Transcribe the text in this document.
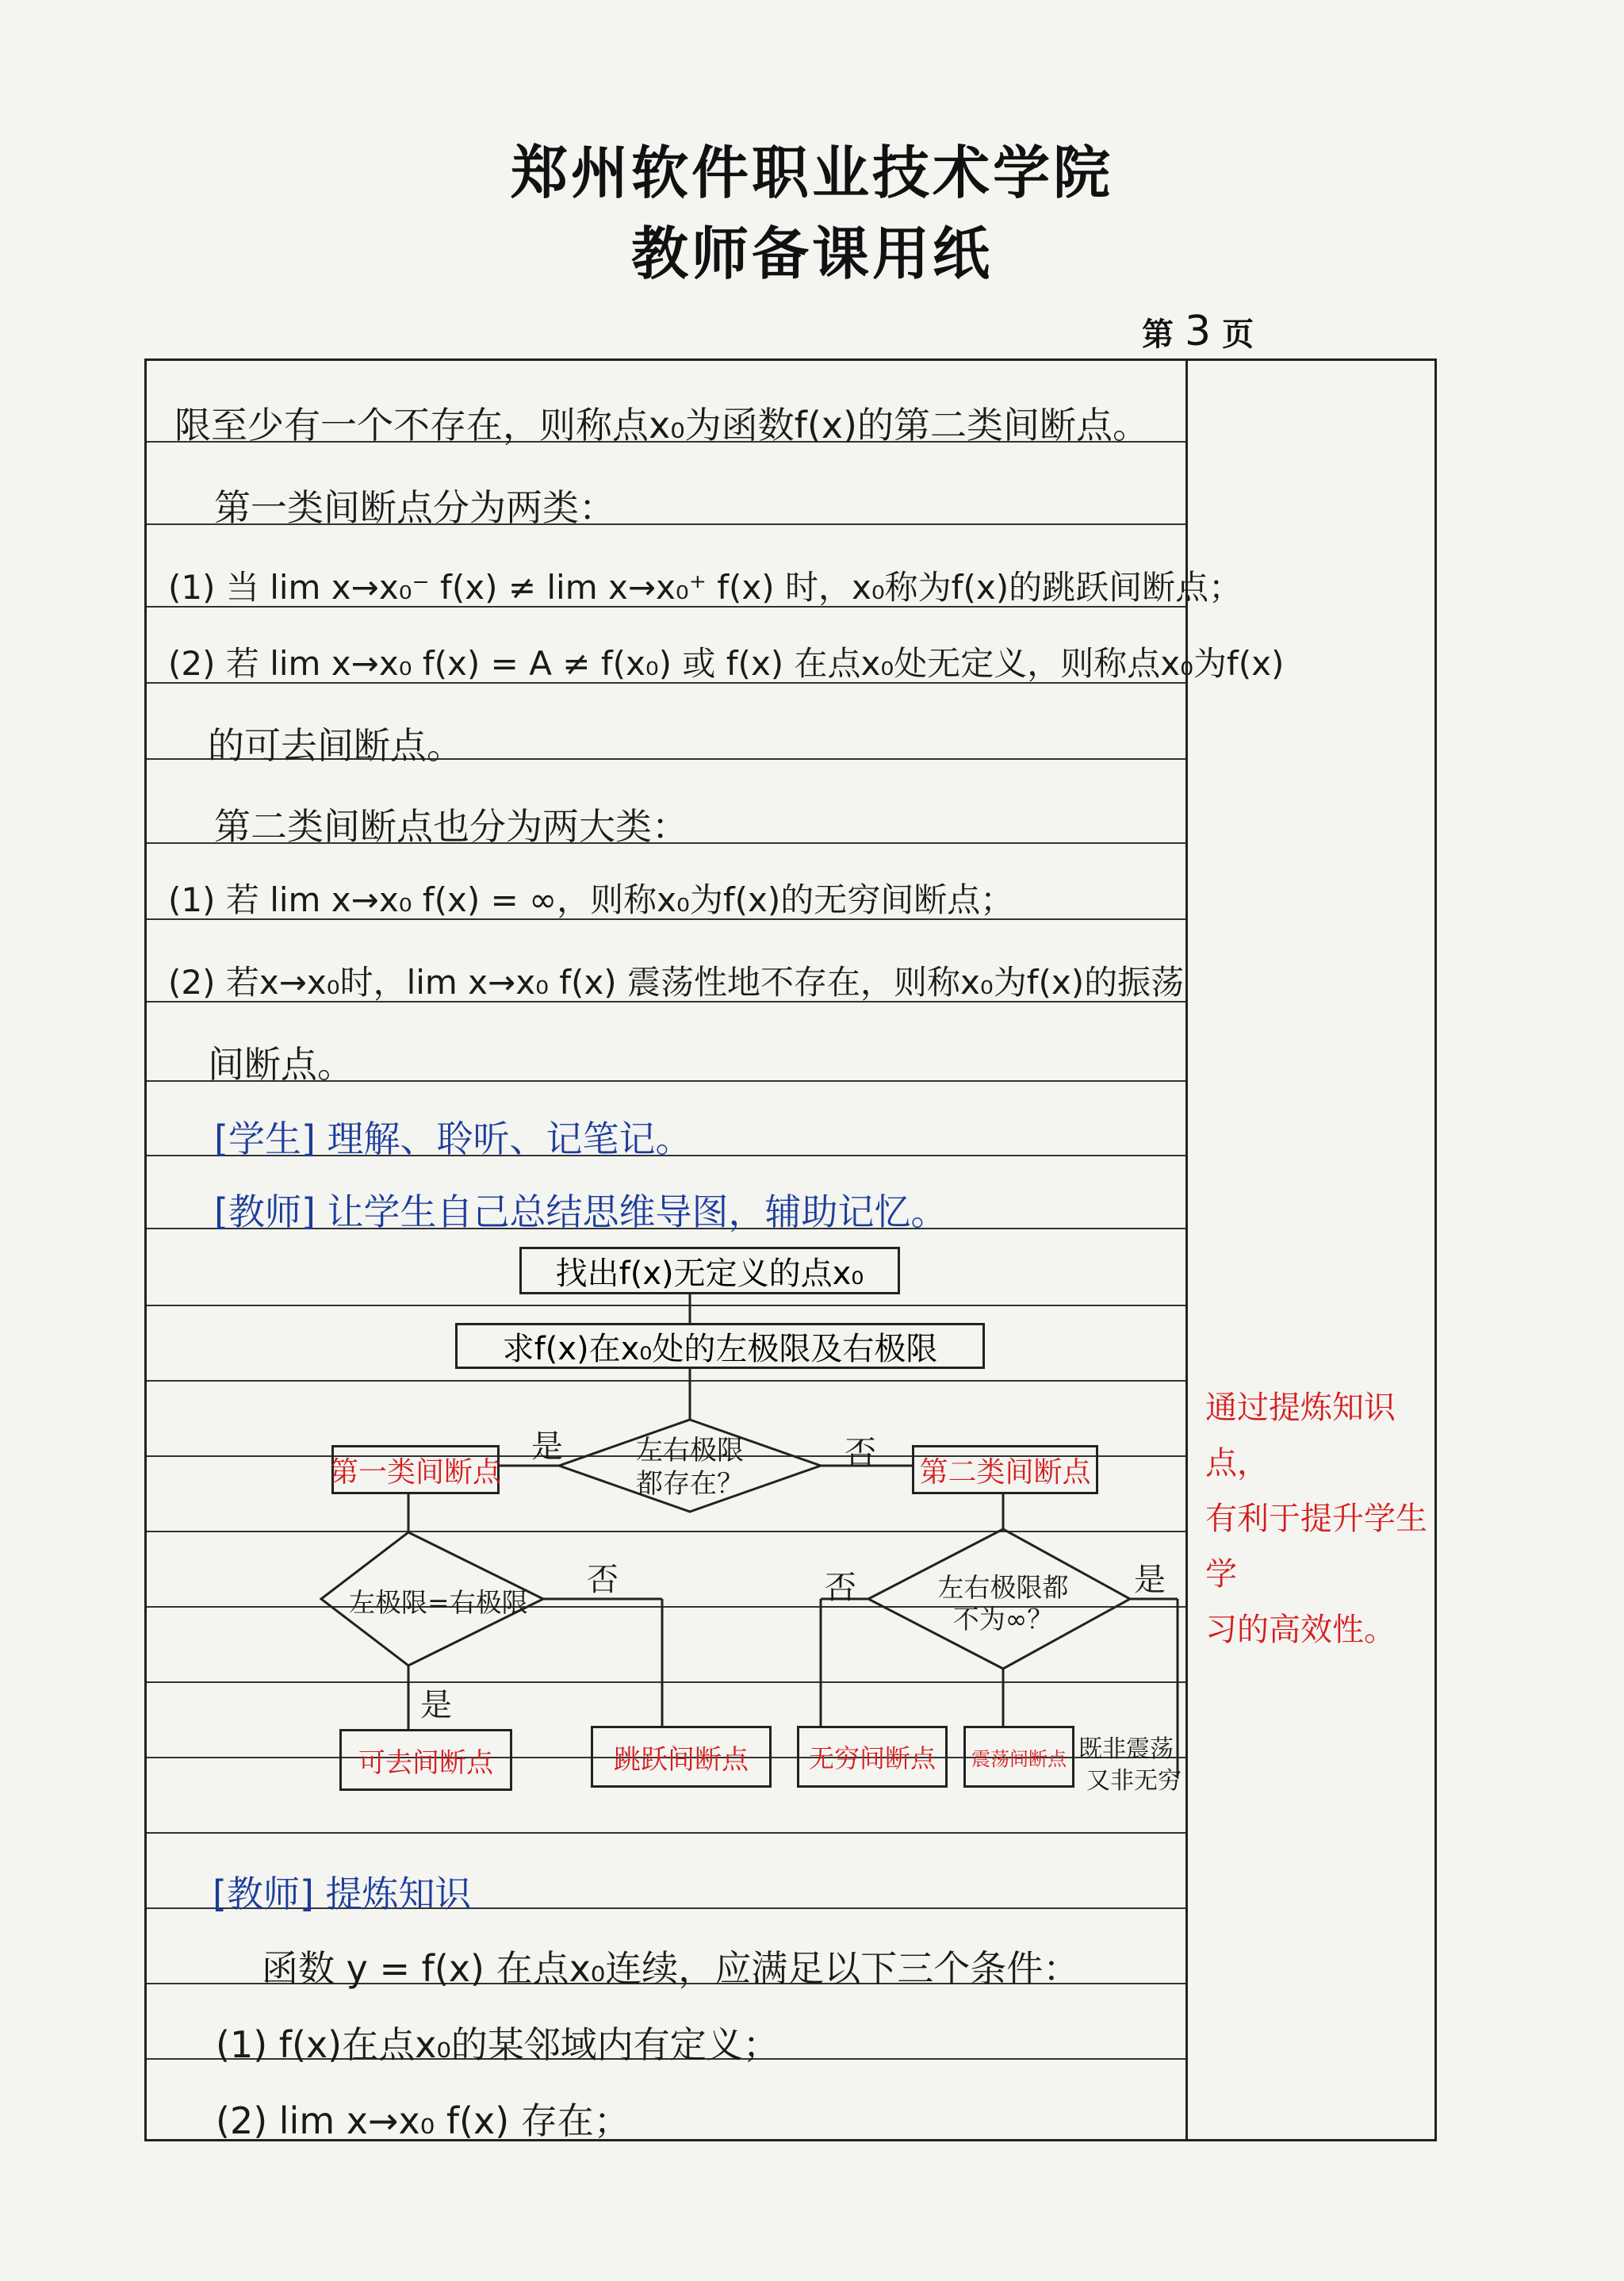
郑州软件职业技术学院
教师备课用纸
第 3 页
限至少有一个不存在，则称点x₀为函数f(x)的第二类间断点。
第一类间断点分为两类：
(1) 当 lim x→x₀⁻ f(x) ≠ lim x→x₀⁺ f(x) 时，x₀称为f(x)的跳跃间断点；
(2) 若 lim x→x₀ f(x) = A ≠ f(x₀) 或 f(x) 在点x₀处无定义，则称点x₀为f(x)
的可去间断点。
第二类间断点也分为两大类：
(1) 若 lim x→x₀ f(x) = ∞，则称x₀为f(x)的无穷间断点；
(2) 若x→x₀时，lim x→x₀ f(x) 震荡性地不存在，则称x₀为f(x)的振荡
间断点。
[学生] 理解、聆听、记笔记。
[教师] 让学生自己总结思维导图，辅助记忆。
找出f(x)无定义的点x₀
求f(x)在x₀处的左极限及右极限
左右极限
都存在？
第一类间断点	第二类间断点
是	否
左极限=右极限
否
是
左右极限都
不为∞？
否	是
可去间断点	跳跃间断点	无穷间断点	震荡间断点 既非震荡
又非无穷
[教师] 提炼知识
函数 y = f(x) 在点x₀连续，应满足以下三个条件：
(1) f(x)在点x₀的某邻域内有定义；
(2) lim x→x₀ f(x) 存在；
通过提炼知识点，
有利于提升学生学
习的高效性。
